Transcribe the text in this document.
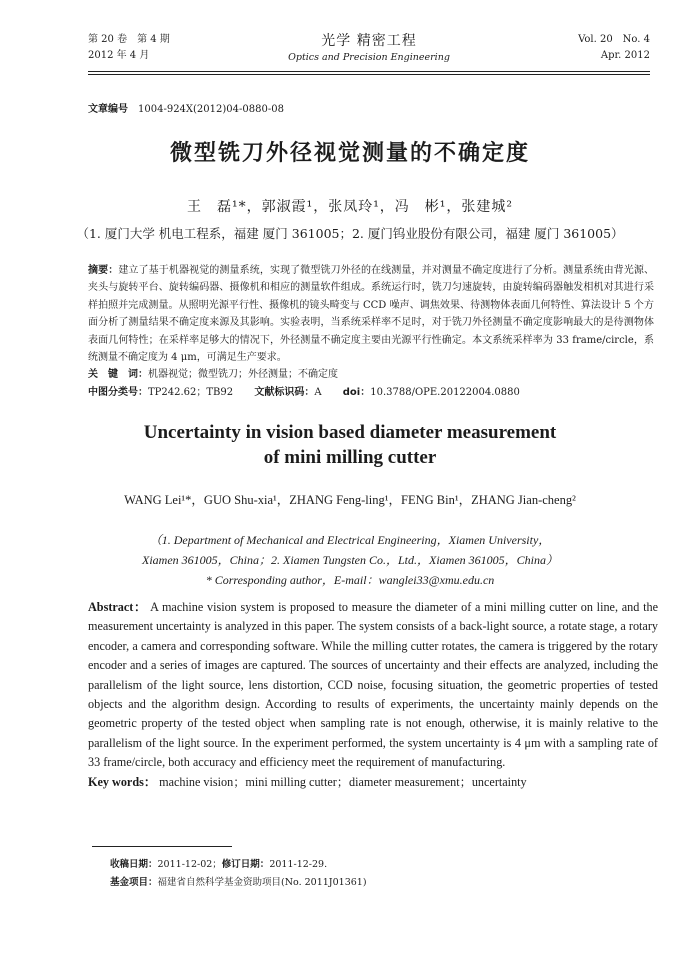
第 20 卷　第 4 期
2012 年 4 月
光学 精密工程
Optics and Precision Engineering
Vol. 20　No. 4
Apr. 2012
文章编号 1004-924X(2012)04-0880-08
微型铣刀外径视觉测量的不确定度
王　磊¹*，郭淑霞¹，张凤玲¹，冯　彬¹，张建城²
（1. 厦门大学 机电工程系，福建 厦门 361005；2. 厦门钨业股份有限公司，福建 厦门 361005）
摘要：建立了基于机器视觉的测量系统，实现了微型铣刀外径的在线测量，并对测量不确定度进行了分析。测量系统由背光源、夹头与旋转平台、旋转编码器、摄像机和相应的测量软件组成。系统运行时，铣刀匀速旋转，由旋转编码器触发相机对其进行采样拍照并完成测量。从照明光源平行性、摄像机的镜头畸变与 CCD 噪声、调焦效果、待测物体表面几何特性、算法设计 5 个方面分析了测量结果不确定度来源及其影响。实验表明，当系统采样率不足时，对于铣刀外径测量不确定度影响最大的是待测物体表面几何特性；在采样率足够大的情况下，外径测量不确定度主要由光源平行性确定。本文系统采样率为 33 frame/circle，系统测量不确定度为 4 μm，可满足生产要求。
关　键　词：机器视觉；微型铣刀；外径测量；不确定度
中图分类号：TP242.62；TB92 文献标识码：A doi：10.3788/OPE.20122004.0880
Uncertainty in vision based diameter measurement
of mini milling cutter
WANG Lei¹*，GUO Shu-xia¹，ZHANG Feng-ling¹，FENG Bin¹，ZHANG Jian-cheng²
（1. Department of Mechanical and Electrical Engineering，Xiamen University，
Xiamen 361005，China；2. Xiamen Tungsten Co.，Ltd.，Xiamen 361005，China）
* Corresponding author，E-mail：wanglei33@xmu.edu.cn
Abstract： A machine vision system is proposed to measure the diameter of a mini milling cutter on line, and the measurement uncertainty is analyzed in this paper. The system consists of a back-light source, a rotate stage, a rotary encoder, a camera and corresponding software. While the milling cutter rotates, the camera is triggered by the rotary encoder and a series of images are captured. The sources of uncertainty and their effects are analyzed, including the parallelism of the light source, lens distortion, CCD noise, focusing situation, the geometric properties of tested objects and the algorithm design. According to results of experiments, the uncertainty mainly depends on the geometric property of the tested object when sampling rate is not enough, otherwise, it is mainly relative to the parallelism of the light source. In the experiment performed, the system uncertainty is 4 μm with a sampling rate of 33 frame/circle, both accuracy and efficiency meet the requirement of manufacturing.
Key words： machine vision；mini milling cutter；diameter measurement；uncertainty
收稿日期：2011-12-02；修订日期：2011-12-29.
基金项目：福建省自然科学基金资助项目(No. 2011J01361)
